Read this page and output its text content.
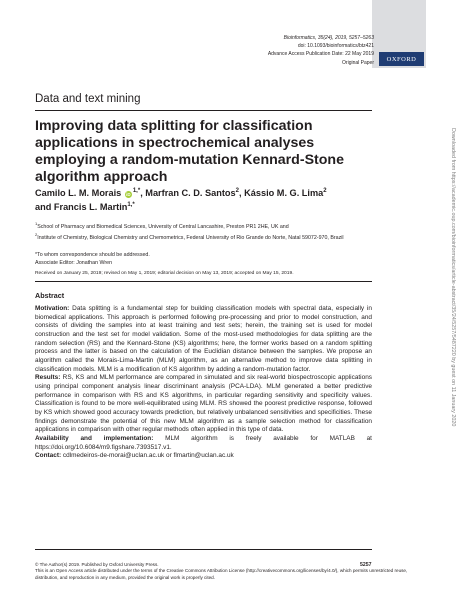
Bioinformatics, 35(24), 2019, 5257–5263
doi: 10.1093/bioinformatics/btz421
Advance Access Publication Date: 22 May 2019
Original Paper
OXFORD
Data and text mining
Improving data splitting for classification applications in spectrochemical analyses employing a random-mutation Kennard-Stone algorithm approach
Camilo L. M. Morais $iD^{1,*}$, Marfran C. D. Santos$^2$, Kássio M. G. Lima$^2$
and Francis L. Martin$^{1,*}$
$^1$School of Pharmacy and Biomedical Sciences, University of Central Lancashire, Preston PR1 2HE, UK and
$^2$Institute of Chemistry, Biological Chemistry and Chemometrics, Federal University of Rio Grande do Norte, Natal 59072-970, Brazil
*To whom correspondence should be addressed.
Associate Editor: Jonathan Wren
Received on January 25, 2019; revised on May 1, 2019; editorial decision on May 13, 2019; accepted on May 15, 2019.
Abstract

Motivation: Data splitting is a fundamental step for building classification models with spectral data, especially in biomedical applications. This approach is performed following pre-processing and prior to model construction, and consists of dividing the samples into at least training and test sets; herein, the training set is used for model construction and the test set for model validation. Some of the most-used methodologies for data splitting are the random selection (RS) and the Kennard-Stone (KS) algorithms; here, the former works based on a random splitting process and the latter is based on the calculation of the Euclidian distance between the samples. We propose an algorithm called the Morais-Lima-Martin (MLM) algorithm, as an alternative method to improve data splitting in classification models. MLM is a modification of KS algorithm by adding a random-mutation factor.

Results: RS, KS and MLM performance are compared in simulated and six real-world biospectroscopic applications using principal component analysis linear discriminant analysis (PCA-LDA). MLM generated a better predictive performance in comparison with RS and KS algorithms, in particular regarding sensitivity and specificity values. Classification is found to be more well-equilibrated using MLM. RS showed the poorest predictive response, followed by KS which showed good accuracy towards prediction, but relatively unbalanced sensitivities and specificities. These findings demonstrate the potential of this new MLM algorithm as a sample selection method for classification applications in comparison with other regular methods often applied in this type of data.

Availability and implementation: MLM algorithm is freely available for MATLAB at https://doi.org/10.6084/m9.figshare.7393517.v1.

Contact: cdlmedeiros-de-morai@uclan.ac.uk or flmartin@uclan.ac.uk

© The Author(s) 2019. Published by Oxford University Press.
This is an Open Access article distributed under the terms of the Creative Commons Attribution License (http://creativecommons.org/licenses/by/4.0/), which permits unrestricted reuse, distribution, and reproduction in any medium, provided the original work is properly cited.
5257
Downloaded from https://academic.oup.com/bioinformatics/article-abstract/35/24/5257/5487220 by guest on 11 January 2020
